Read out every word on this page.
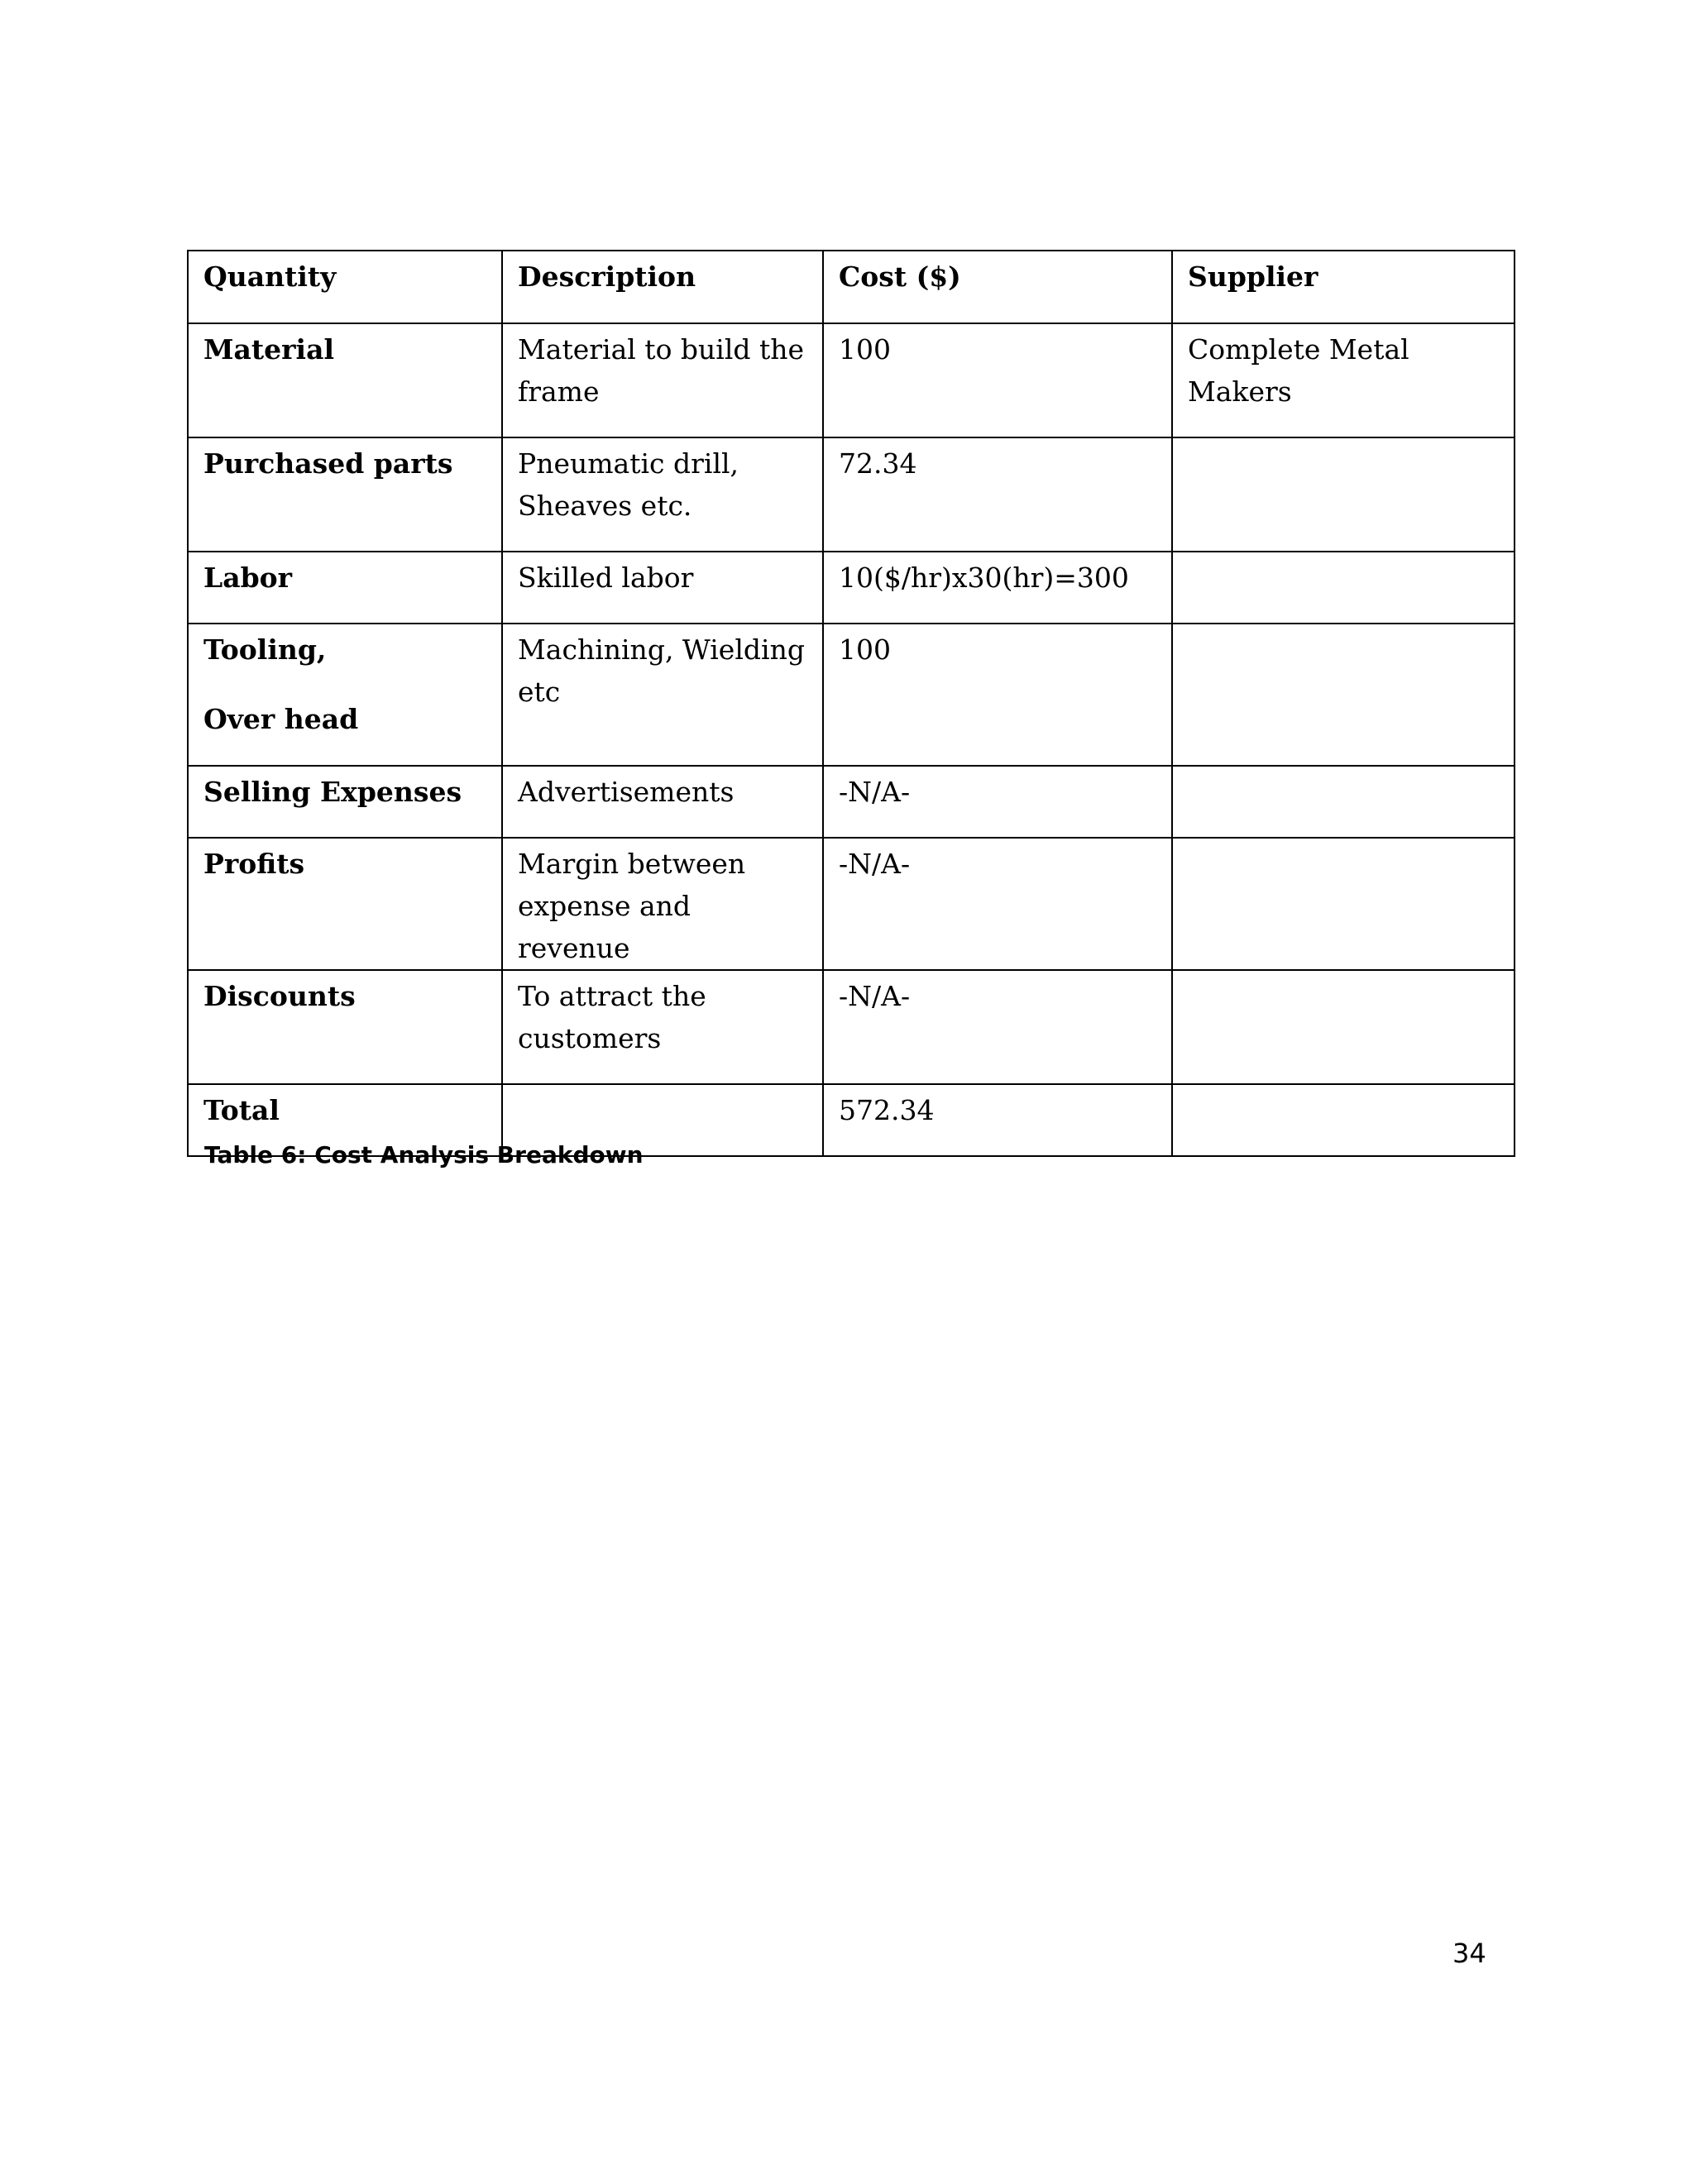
Quantity	Description	Cost ($)	Supplier

Material	Material to build the frame	100	Complete Metal Makers

Purchased parts	Pneumatic drill, Sheaves etc.	72.34	

Labor	Skilled labor	10($/hr)x30(hr)=300	

Tooling,
Over head	Machining, Wielding etc	100	

Selling Expenses	Advertisements	-N/A-	

Profits	Margin between expense and revenue	-N/A-	

Discounts	To attract the customers	-N/A-	

Total		572.34	

Table 6: Cost Analysis Breakdown
34
